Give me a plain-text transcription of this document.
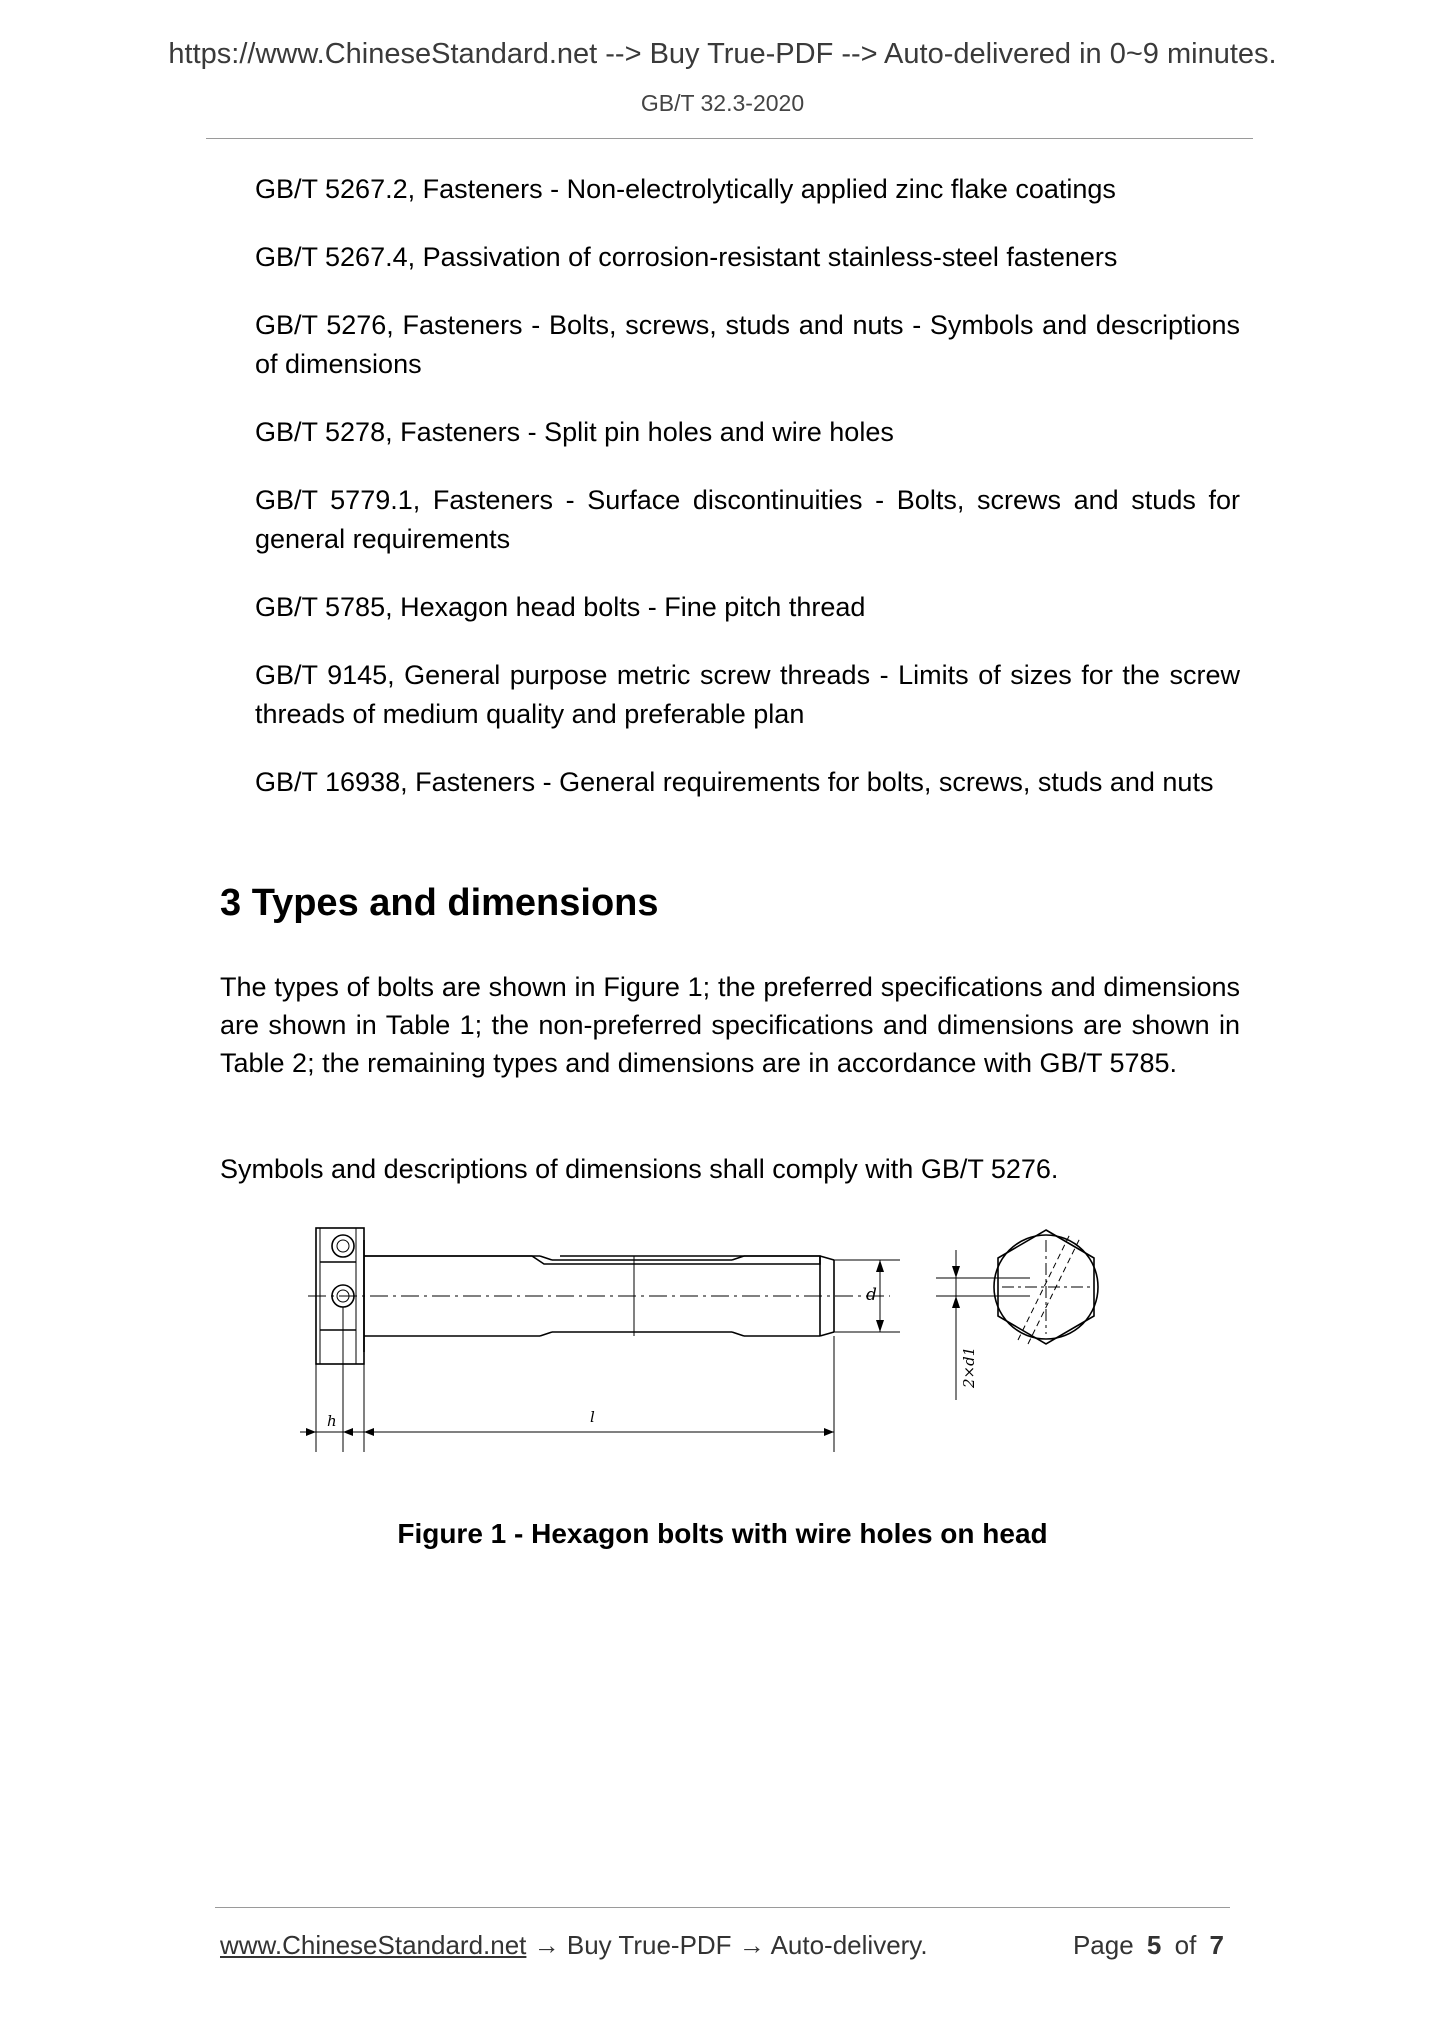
https://www.ChineseStandard.net --> Buy True-PDF --> Auto-delivered in 0~9 minutes.
GB/T 32.3-2020
GB/T 5267.2, Fasteners - Non-electrolytically applied zinc flake coatings
GB/T 5267.4, Passivation of corrosion-resistant stainless-steel fasteners
GB/T 5276, Fasteners - Bolts, screws, studs and nuts - Symbols and descriptions of dimensions
GB/T 5278, Fasteners - Split pin holes and wire holes
GB/T 5779.1, Fasteners - Surface discontinuities - Bolts, screws and studs for general requirements
GB/T 5785, Hexagon head bolts - Fine pitch thread
GB/T 9145, General purpose metric screw threads - Limits of sizes for the screw threads of medium quality and preferable plan
GB/T 16938, Fasteners - General requirements for bolts, screws, studs and nuts
3 Types and dimensions

The types of bolts are shown in Figure 1; the preferred specifications and dimensions are shown in Table 1; the non-preferred specifications and dimensions are shown in Table 2; the remaining types and dimensions are in accordance with GB/T 5785.

Symbols and descriptions of dimensions shall comply with GB/T 5276.

d
h	l
2×d1
Figure 1 - Hexagon bolts with wire holes on head
www.ChineseStandard.net → Buy True-PDF → Auto-delivery.	Page 5 of 7
